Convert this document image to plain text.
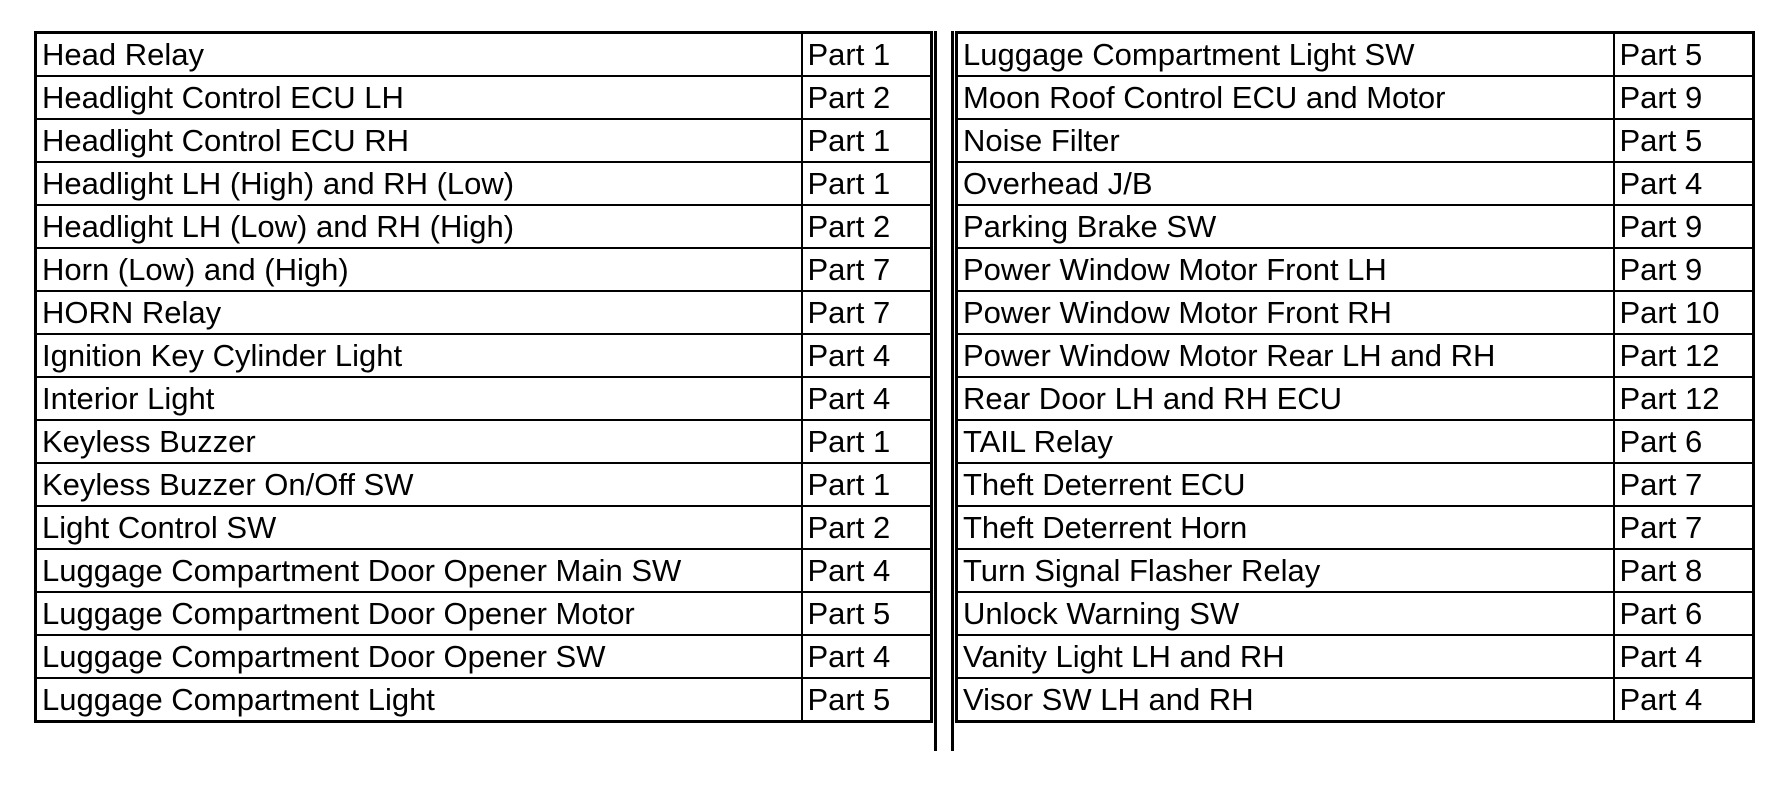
Head Relay	Part 1
Headlight Control ECU LH	Part 2
Headlight Control ECU RH	Part 1
Headlight LH (High) and RH (Low)	Part 1
Headlight LH (Low) and RH (High)	Part 2
Horn (Low) and (High)	Part 7
HORN Relay	Part 7
Ignition Key Cylinder Light	Part 4
Interior Light	Part 4
Keyless Buzzer	Part 1
Keyless Buzzer On/Off SW	Part 1
Light Control SW	Part 2
Luggage Compartment Door Opener Main SW	Part 4
Luggage Compartment Door Opener Motor	Part 5
Luggage Compartment Door Opener SW	Part 4
Luggage Compartment Light	Part 5
Luggage Compartment Light SW	Part 5
Moon Roof Control ECU and Motor	Part 9
Noise Filter	Part 5
Overhead J/B	Part 4
Parking Brake SW	Part 9
Power Window Motor Front LH	Part 9
Power Window Motor Front RH	Part 10
Power Window Motor Rear LH and RH	Part 12
Rear Door LH and RH ECU	Part 12
TAIL Relay	Part 6
Theft Deterrent ECU	Part 7
Theft Deterrent Horn	Part 7
Turn Signal Flasher Relay	Part 8
Unlock Warning SW	Part 6
Vanity Light LH and RH	Part 4
Visor SW LH and RH	Part 4
